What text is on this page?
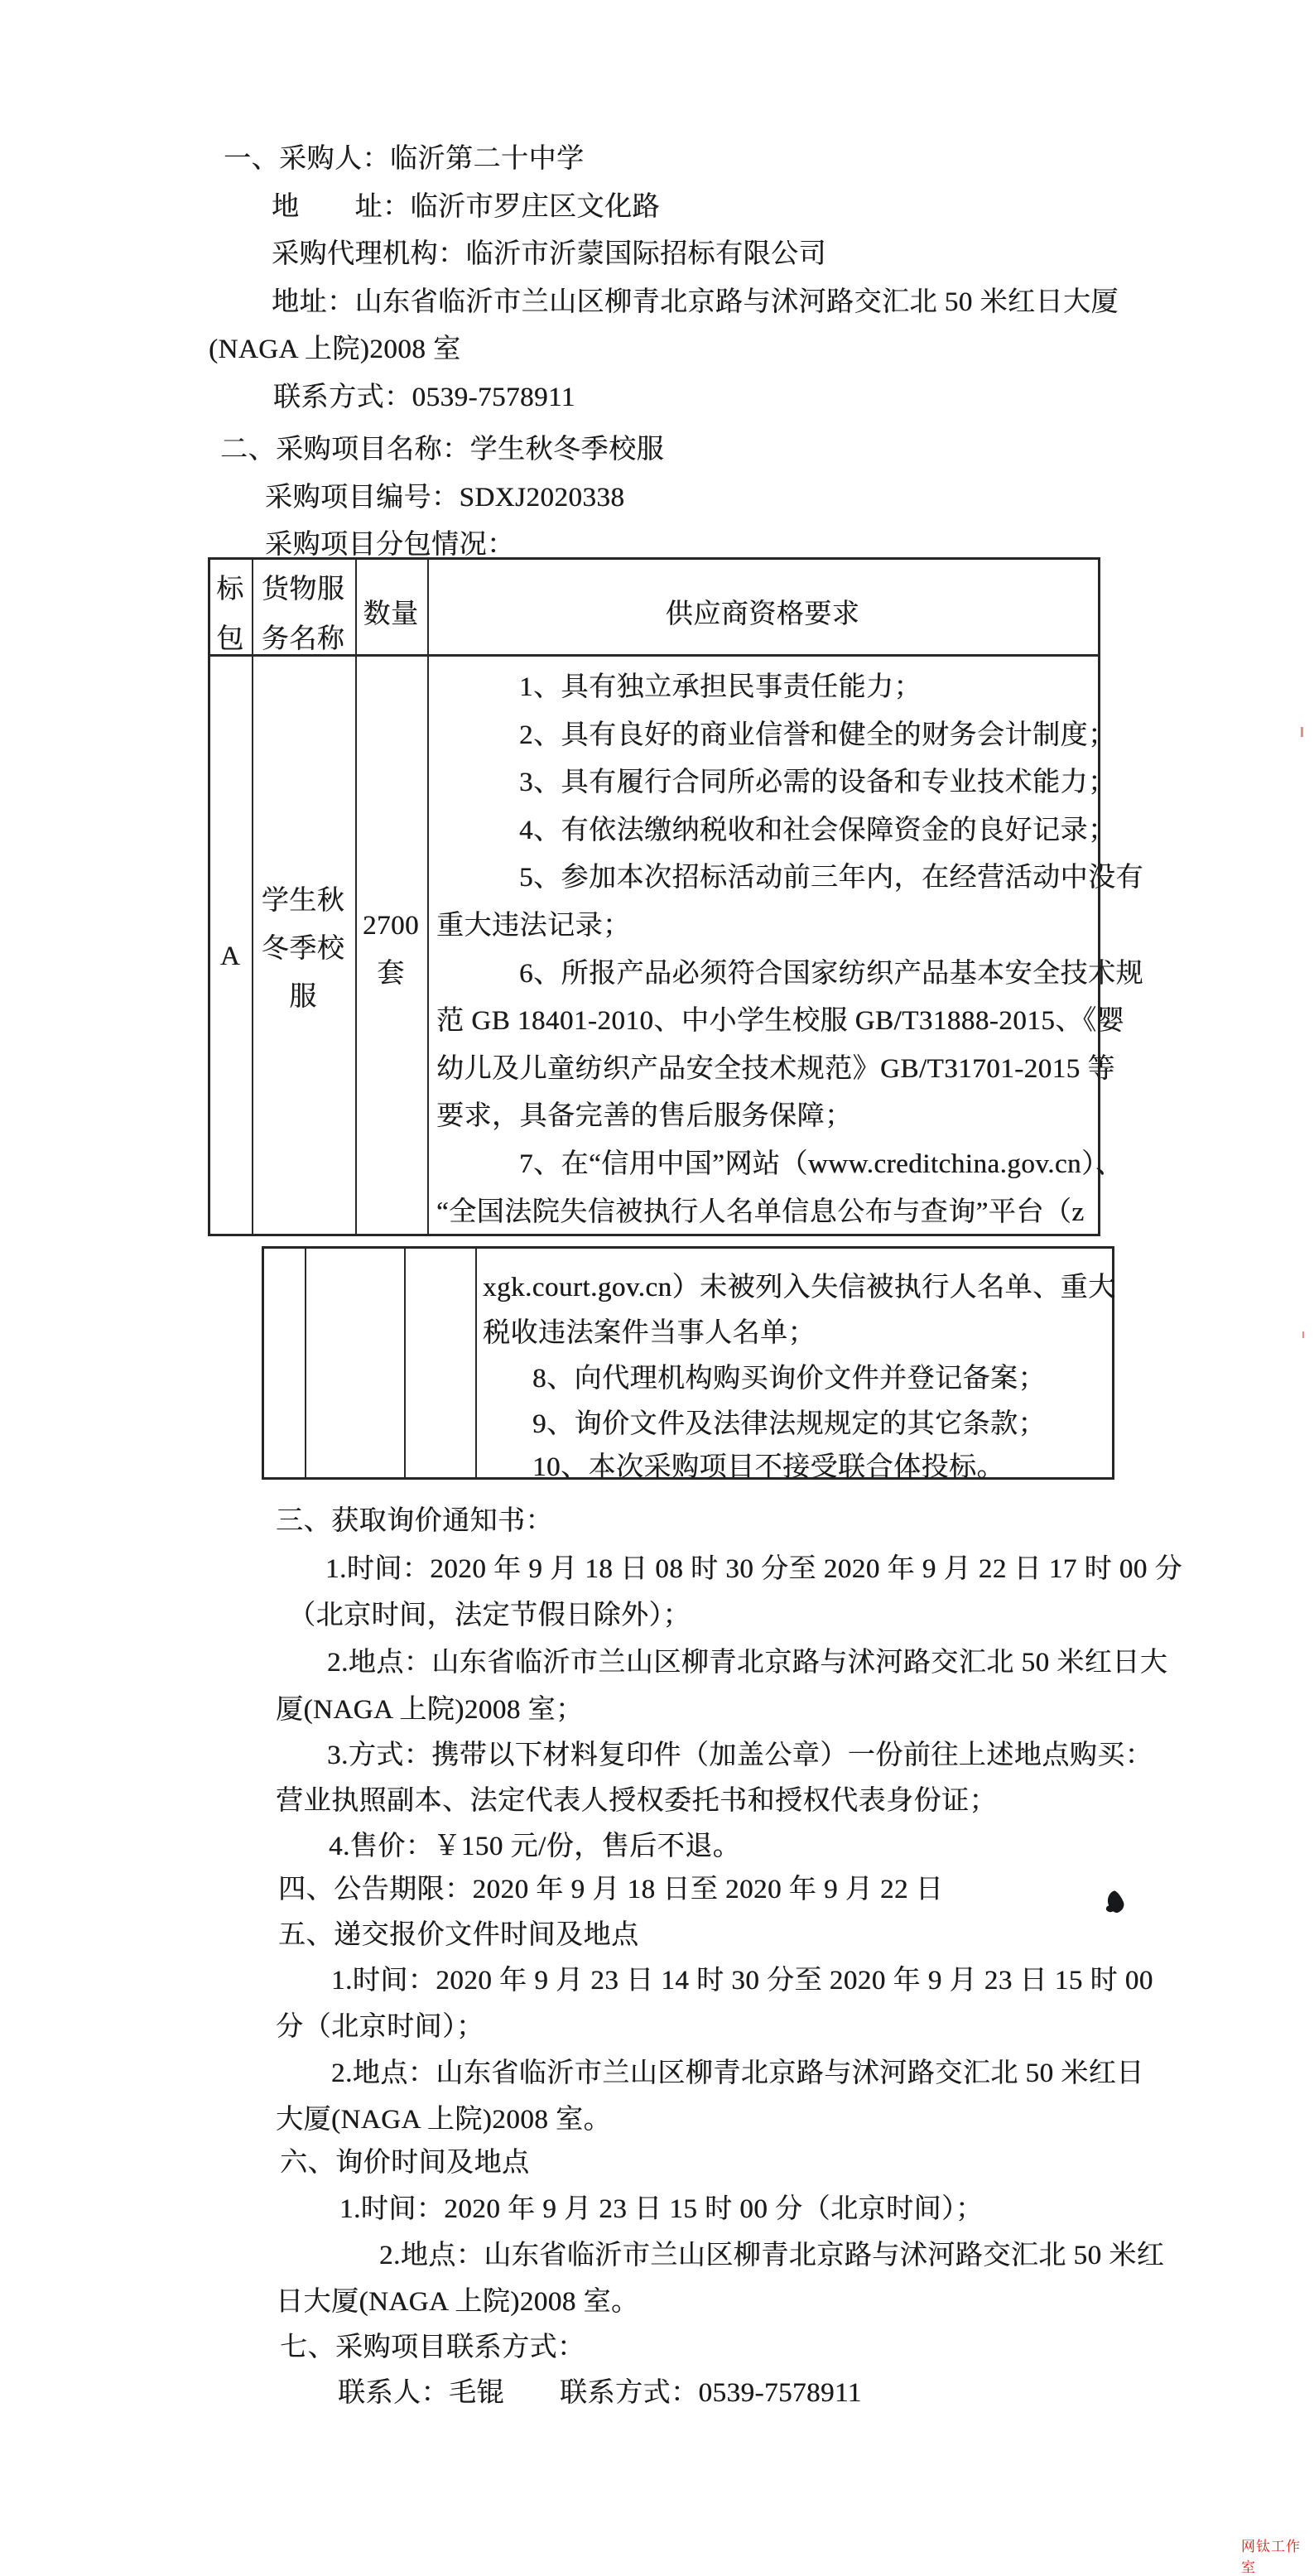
一、采购人：临沂第二十中学
地　　址：临沂市罗庄区文化路
采购代理机构：临沂市沂蒙国际招标有限公司
地址：山东省临沂市兰山区柳青北京路与沭河路交汇北 50 米红日大厦
(NAGA 上院)2008 室
联系方式：0539-7578911
二、采购项目名称：学生秋冬季校服
采购项目编号：SDXJ2020338
采购项目分包情况：
标
包
货物服
务名称
数量	供应商资格要求
A
学生秋
冬季校
服
2700
套
1、具有独立承担民事责任能力；
2、具有良好的商业信誉和健全的财务会计制度；
3、具有履行合同所必需的设备和专业技术能力；
4、有依法缴纳税收和社会保障资金的良好记录；
5、参加本次招标活动前三年内，在经营活动中没有
重大违法记录；
6、所报产品必须符合国家纺织产品基本安全技术规
范 GB 18401-2010、中小学生校服 GB/T31888-2015、《婴
幼儿及儿童纺织产品安全技术规范》GB/T31701-2015 等
要求，具备完善的售后服务保障；
7、在“信用中国”网站（www.creditchina.gov.cn）、
“全国法院失信被执行人名单信息公布与查询”平台（z
xgk.court.gov.cn）未被列入失信被执行人名单、重大
税收违法案件当事人名单；
8、向代理机构购买询价文件并登记备案；
9、询价文件及法律法规规定的其它条款；
10、本次采购项目不接受联合体投标。
三、获取询价通知书：
1.时间：2020 年 9 月 18 日 08 时 30 分至 2020 年 9 月 22 日 17 时 00 分
（北京时间，法定节假日除外）；
2.地点：山东省临沂市兰山区柳青北京路与沭河路交汇北 50 米红日大
厦(NAGA 上院)2008 室；
3.方式：携带以下材料复印件（加盖公章）一份前往上述地点购买：
营业执照副本、法定代表人授权委托书和授权代表身份证；
4.售价：￥150 元/份，售后不退。
四、公告期限：2020 年 9 月 18 日至 2020 年 9 月 22 日
五、递交报价文件时间及地点
1.时间：2020 年 9 月 23 日 14 时 30 分至 2020 年 9 月 23 日 15 时 00
分（北京时间）；
2.地点：山东省临沂市兰山区柳青北京路与沭河路交汇北 50 米红日
大厦(NAGA 上院)2008 室。
六、询价时间及地点
1.时间：2020 年 9 月 23 日 15 时 00 分（北京时间）；
2.地点：山东省临沂市兰山区柳青北京路与沭河路交汇北 50 米红
日大厦(NAGA 上院)2008 室。
七、采购项目联系方式：
联系人：毛锟　　联系方式：0539-7578911
网钛工作室
